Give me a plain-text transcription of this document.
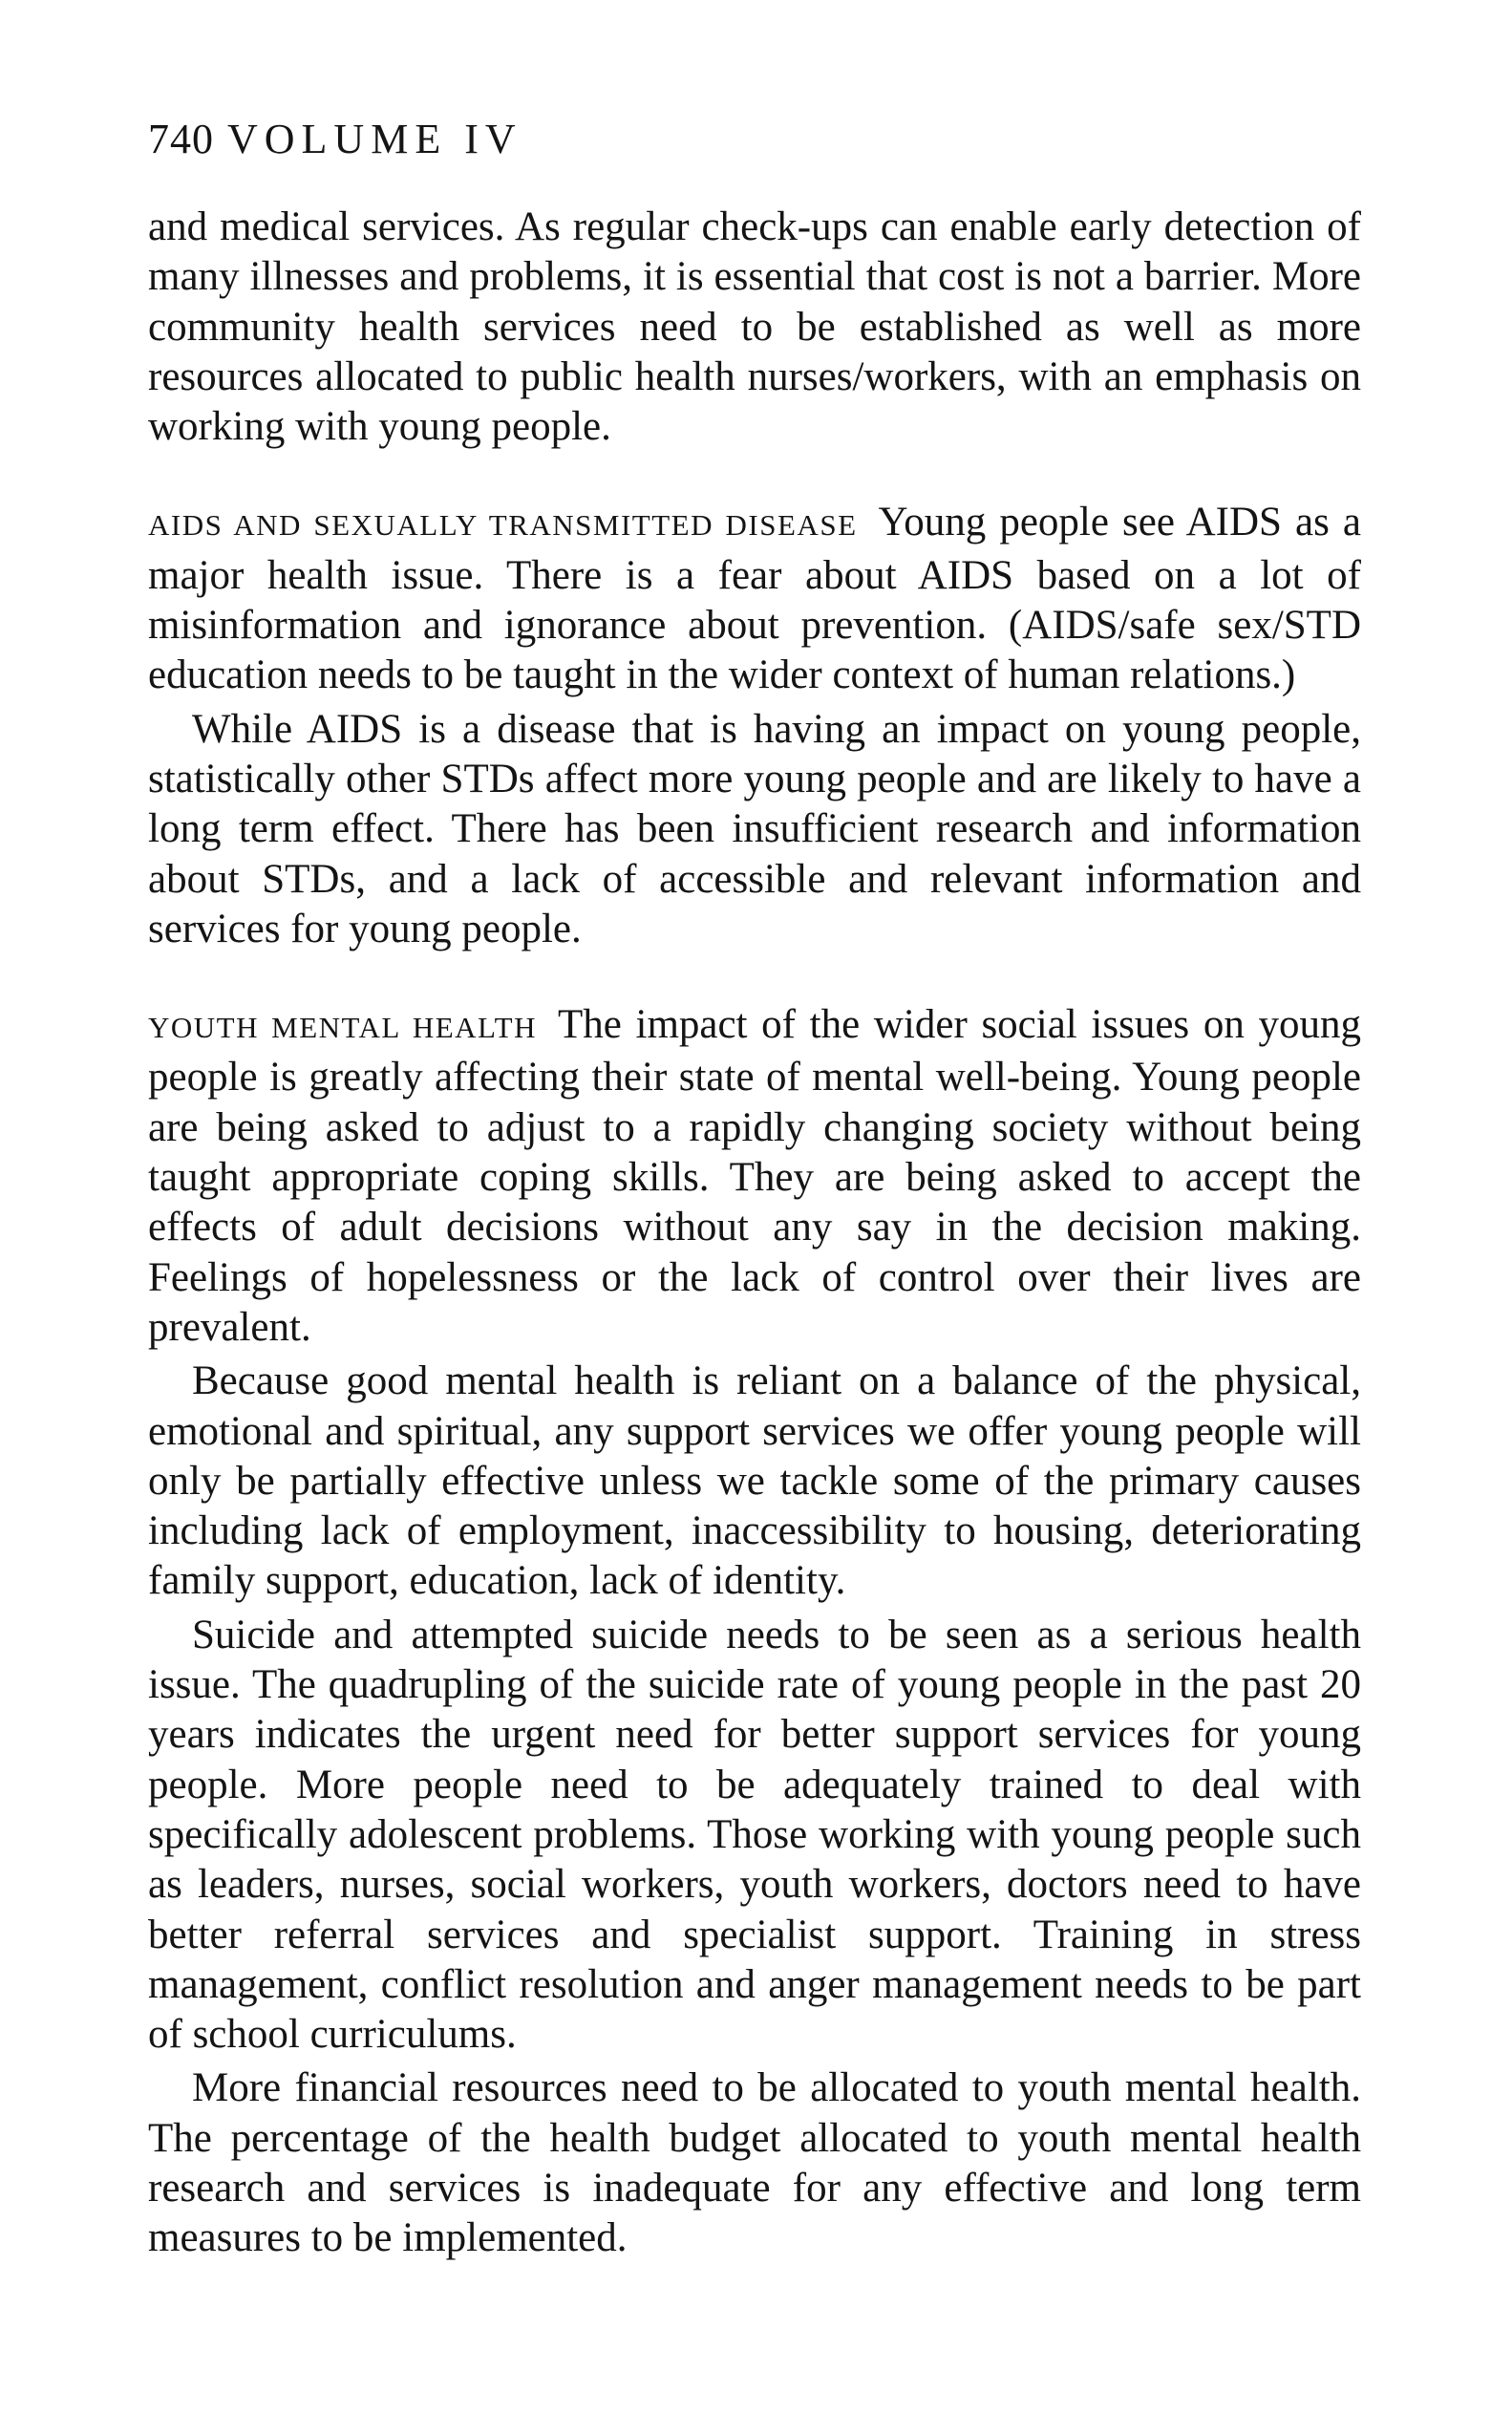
740 VOLUME IV

and medical services. As regular check-ups can enable early detection of many illnesses and problems, it is essential that cost is not a barrier. More community health services need to be established as well as more resources allocated to public health nurses/workers, with an emphasis on working with young people.

AIDS AND SEXUALLY TRANSMITTED DISEASE Young people see AIDS as a major health issue. There is a fear about AIDS based on a lot of misinformation and ignorance about prevention. (AIDS/safe sex/STD education needs to be taught in the wider context of human relations.)

While AIDS is a disease that is having an impact on young people, statistically other STDs affect more young people and are likely to have a long term effect. There has been insufficient research and information about STDs, and a lack of accessible and relevant information and services for young people.

YOUTH MENTAL HEALTH The impact of the wider social issues on young people is greatly affecting their state of mental well-being. Young people are being asked to adjust to a rapidly changing society without being taught appropriate coping skills. They are being asked to accept the effects of adult decisions without any say in the decision making. Feelings of hopelessness or the lack of control over their lives are prevalent.

Because good mental health is reliant on a balance of the physical, emotional and spiritual, any support services we offer young people will only be partially effective unless we tackle some of the primary causes including lack of employment, inaccessibility to housing, deteriorating family support, education, lack of identity.

Suicide and attempted suicide needs to be seen as a serious health issue. The quadrupling of the suicide rate of young people in the past 20 years indicates the urgent need for better support services for young people. More people need to be adequately trained to deal with specifically adolescent problems. Those working with young people such as leaders, nurses, social workers, youth workers, doctors need to have better referral services and specialist support. Training in stress management, conflict resolution and anger management needs to be part of school curriculums.

More financial resources need to be allocated to youth mental health. The percentage of the health budget allocated to youth mental health research and services is inadequate for any effective and long term measures to be implemented.
